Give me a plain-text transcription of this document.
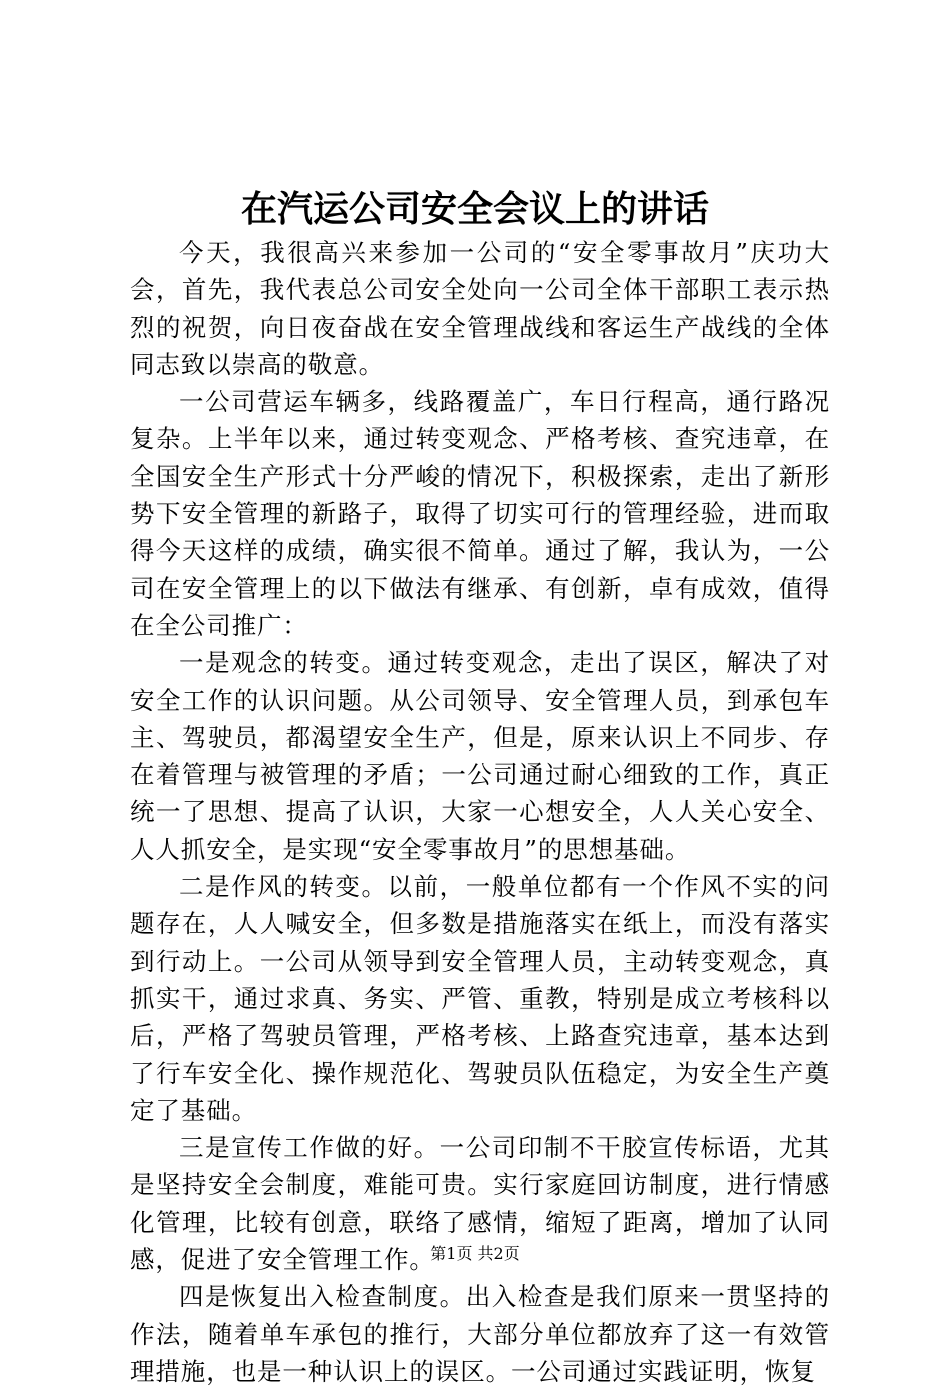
在汽运公司安全会议上的讲话

今天，我很高兴来参加一公司的“安全零事故月”庆功大会，首先，我代表总公司安全处向一公司全体干部职工表示热烈的祝贺，向日夜奋战在安全管理战线和客运生产战线的全体同志致以崇高的敬意。

一公司营运车辆多，线路覆盖广，车日行程高，通行路况复杂。上半年以来，通过转变观念、严格考核、查究违章，在全国安全生产形式十分严峻的情况下，积极探索，走出了新形势下安全管理的新路子，取得了切实可行的管理经验，进而取得今天这样的成绩，确实很不简单。通过了解，我认为，一公司在安全管理上的以下做法有继承、有创新，卓有成效，值得在全公司推广：

一是观念的转变。通过转变观念，走出了误区，解决了对安全工作的认识问题。从公司领导、安全管理人员，到承包车主、驾驶员，都渴望安全生产，但是，原来认识上不同步、存在着管理与被管理的矛盾；一公司通过耐心细致的工作，真正统一了思想、提高了认识，大家一心想安全，人人关心安全、人人抓安全，是实现“安全零事故月”的思想基础。

二是作风的转变。以前，一般单位都有一个作风不实的问题存在，人人喊安全，但多数是措施落实在纸上，而没有落实到行动上。一公司从领导到安全管理人员，主动转变观念，真抓实干，通过求真、务实、严管、重教，特别是成立考核科以后，严格了驾驶员管理，严格考核、上路查究违章，基本达到了行车安全化、操作规范化、驾驶员队伍稳定，为安全生产奠定了基础。

三是宣传工作做的好。一公司印制不干胶宣传标语，尤其是坚持安全会制度，难能可贵。实行家庭回访制度，进行情感化管理，比较有创意，联络了感情，缩短了距离，增加了认同感，促进了安全管理工作。

四是恢复出入检查制度。出入检查是我们原来一贯坚持的作法，随着单车承包的推行，大部分单位都放弃了这一有效管理措施，也是一种认识上的误区。一公司通过实践证明，恢复

第1页 共2页
